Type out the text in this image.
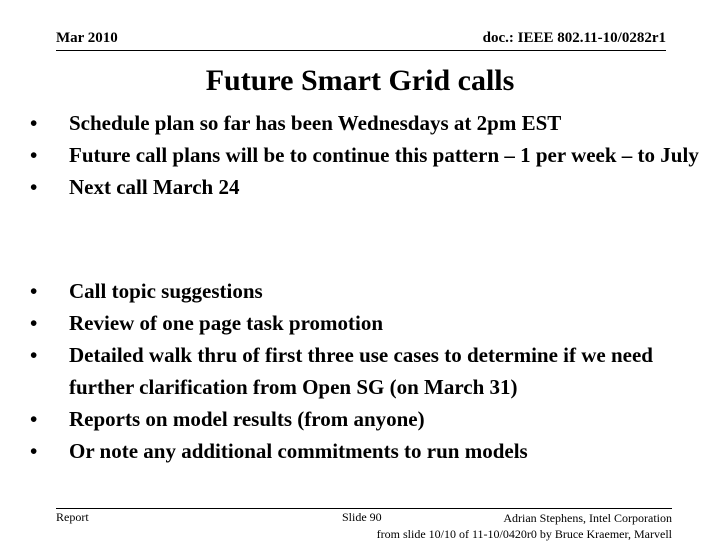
Mar 2010	doc.: IEEE 802.11-10/0282r1
Future Smart Grid calls
• Schedule plan so far has been Wednesdays at 2pm EST
• Future call plans will be to continue this pattern – 1 per week – to July
• Next call March 24
• Call topic suggestions
• Review of one page task promotion
• Detailed walk thru of first three use cases to determine if we need further clarification from Open SG (on March 31)
• Reports on model results (from anyone)
• Or note any additional commitments to run models
Report	Slide 90	Adrian Stephens, Intel Corporation
from slide 10/10 of 11-10/0420r0 by Bruce Kraemer, Marvell
